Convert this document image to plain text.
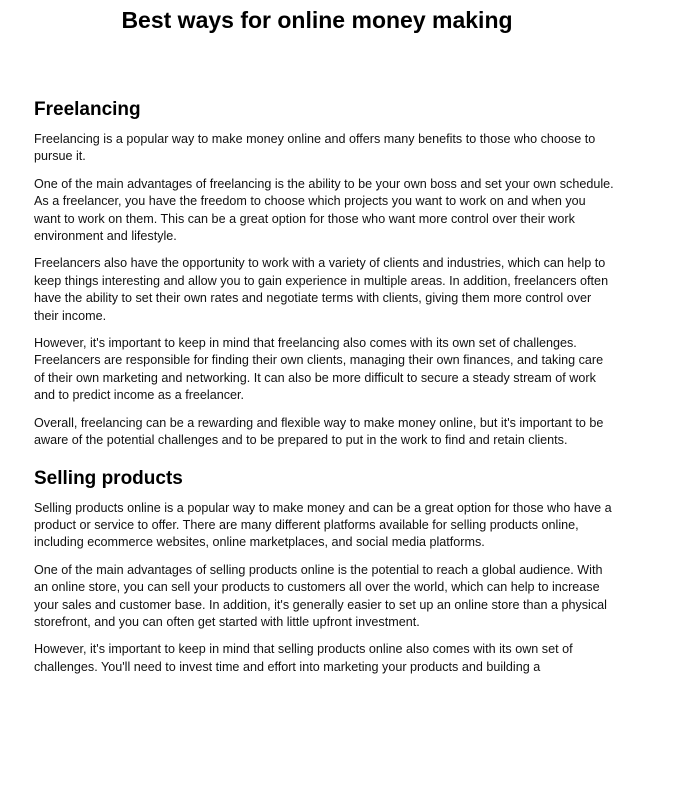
Best ways for online money making
Freelancing

Freelancing is a popular way to make money online and offers many benefits to those who choose to pursue it.

One of the main advantages of freelancing is the ability to be your own boss and set your own schedule. As a freelancer, you have the freedom to choose which projects you want to work on and when you want to work on them. This can be a great option for those who want more control over their work environment and lifestyle.

Freelancers also have the opportunity to work with a variety of clients and industries, which can help to keep things interesting and allow you to gain experience in multiple areas. In addition, freelancers often have the ability to set their own rates and negotiate terms with clients, giving them more control over their income.

However, it's important to keep in mind that freelancing also comes with its own set of challenges. Freelancers are responsible for finding their own clients, managing their own finances, and taking care of their own marketing and networking. It can also be more difficult to secure a steady stream of work and to predict income as a freelancer.

Overall, freelancing can be a rewarding and flexible way to make money online, but it's important to be aware of the potential challenges and to be prepared to put in the work to find and retain clients.

Selling products

Selling products online is a popular way to make money and can be a great option for those who have a product or service to offer. There are many different platforms available for selling products online, including ecommerce websites, online marketplaces, and social media platforms.

One of the main advantages of selling products online is the potential to reach a global audience. With an online store, you can sell your products to customers all over the world, which can help to increase your sales and customer base. In addition, it's generally easier to set up an online store than a physical storefront, and you can often get started with little upfront investment.

However, it's important to keep in mind that selling products online also comes with its own set of challenges. You'll need to invest time and effort into marketing your products and building a
